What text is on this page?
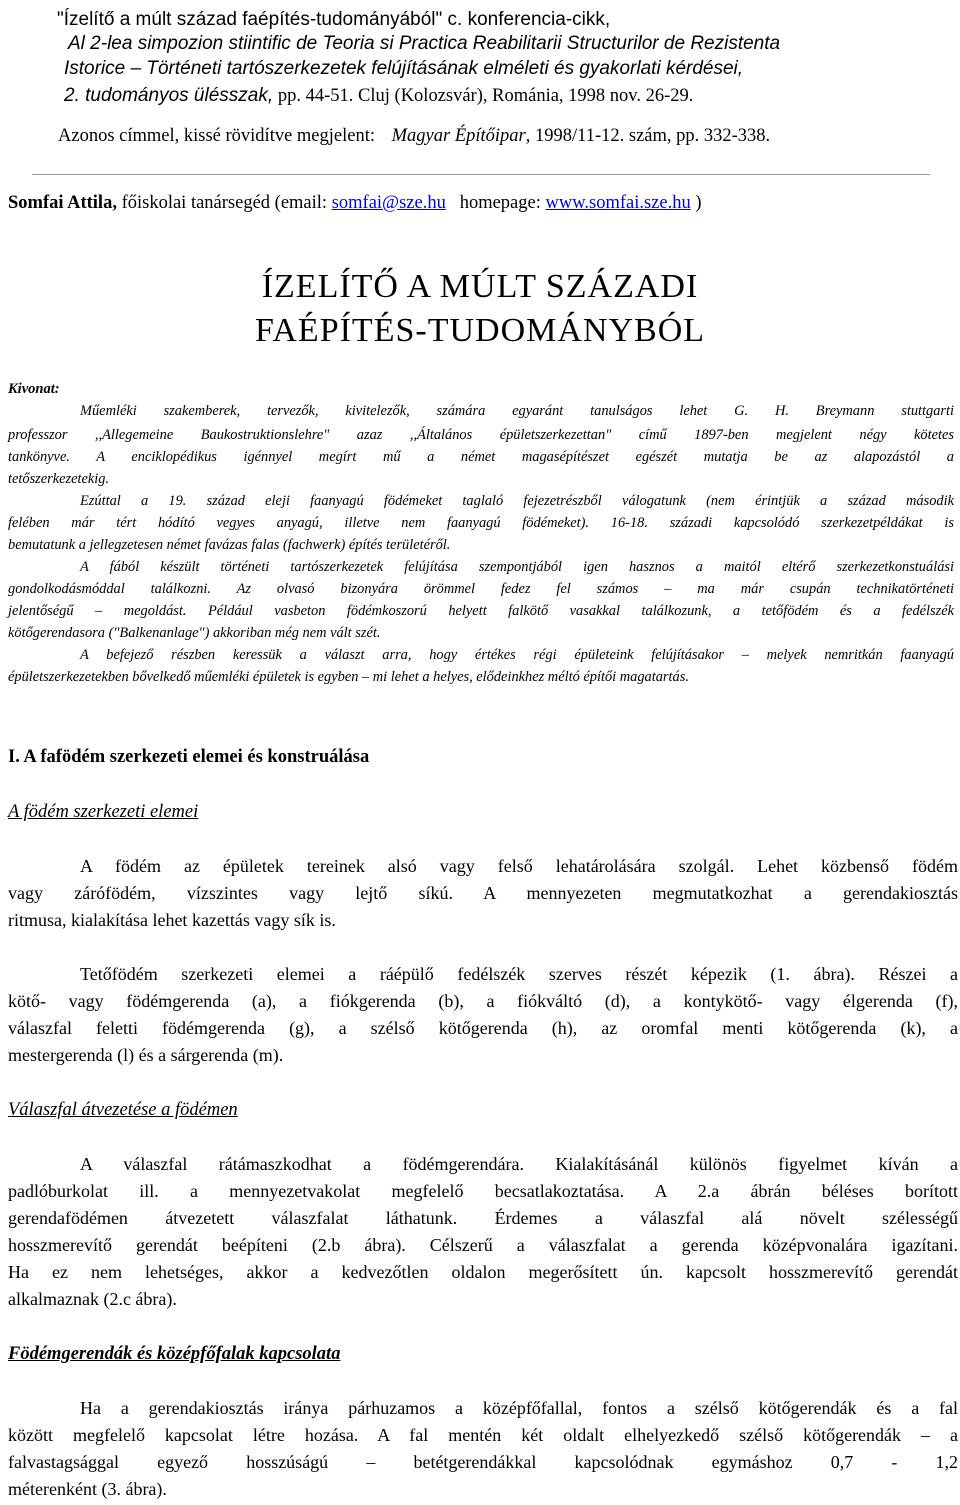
"Ízelítő a múlt század faépítés-tudományából" c. konferencia-cikk,
Al 2-lea simpozion stiintific de Teoria si Practica Reabilitarii Structurilor de Rezistenta
Istorice – Történeti tartószerkezetek felújításának elméleti és gyakorlati kérdései,
2. tudományos ülésszak, pp. 44-51. Cluj (Kolozsvár), Románia, 1998 nov. 26-29.
Azonos címmel, kissé rövidítve megjelent: Magyar Építőipar, 1998/11-12. szám, pp. 332-338.
Somfai Attila, főiskolai tanársegéd (email: somfai@sze.hu   homepage: www.somfai.sze.hu )
ÍZELÍTŐ A MÚLT SZÁZADI
FAÉPÍTÉS-TUDOMÁNYBÓL
Kivonat:
Műemléki szakemberek, tervezők, kivitelezők, számára egyaránt tanulságos lehet G. H. Breymann stuttgarti
professzor ,,Allegemeine Baukostruktionslehre" azaz ,,Általános épületszerkezettan" című 1897-ben megjelent négy kötetes
tankönyve. A enciklopédikus igénnyel megírt mű a német magasépítészet egészét mutatja be az alapozástól a
tetőszerkezetekig.
Ezúttal a 19. század eleji faanyagú födémeket taglaló fejezetrészből válogatunk (nem érintjük a század második
felében már tért hódító vegyes anyagú, illetve nem faanyagú födémeket). 16-18. századi kapcsolódó szerkezetpéldákat is
bemutatunk a jellegzetesen német favázas falas (fachwerk) építés területéről.
A fából készült történeti tartószerkezetek felújítása szempontjából igen hasznos a maitól eltérő szerkezetkonstuálási
gondolkodásmóddal találkozni. Az olvasó bizonyára örömmel fedez fel számos – ma már csupán technikatörténeti
jelentőségű – megoldást. Például vasbeton födémkoszorú helyett falkötő vasakkal találkozunk, a tetőfödém és a fedélszék
kötőgerendasora ("Balkenanlage") akkoriban még nem vált szét.
A befejező részben keressük a választ arra, hogy értékes régi épületeink felújításakor – melyek nemritkán faanyagú
épületszerkezetekben bővelkedő műemléki épületek is egyben – mi lehet a helyes, elődeinkhez méltó építői magatartás.
I. A fafödém szerkezeti elemei és konstruálása
A födém szerkezeti elemei
A födém az épületek tereinek alsó vagy felső lehatárolására szolgál. Lehet közbenső födém
vagy zárófödém, vízszintes vagy lejtő síkú. A mennyezeten megmutatkozhat a gerendakiosztás
ritmusa, kialakítása lehet kazettás vagy sík is.
Tetőfödém szerkezeti elemei a ráépülő fedélszék szerves részét képezik (1. ábra). Részei a
kötő- vagy födémgerenda (a), a fiókgerenda (b), a fiókváltó (d), a kontykötő- vagy élgerenda (f),
válaszfal feletti födémgerenda (g), a szélső kötőgerenda (h), az oromfal menti kötőgerenda (k), a
mestergerenda (l) és a sárgerenda (m).
Válaszfal átvezetése a födémen
A válaszfal rátámaszkodhat a födémgerendára. Kialakításánál különös figyelmet kíván a
padlóburkolat ill. a mennyezetvakolat megfelelő becsatlakoztatása. A 2.a ábrán béléses borított
gerendafödémen átvezetett válaszfalat láthatunk. Érdemes a válaszfal alá növelt szélességű
hosszmerevítő gerendát beépíteni (2.b ábra). Célszerű a válaszfalat a gerenda középvonalára igazítani.
Ha ez nem lehetséges, akkor a kedvezőtlen oldalon megerősített ún. kapcsolt hosszmerevítő gerendát
alkalmaznak (2.c ábra).
Födémgerendák és középfőfalak kapcsolata
Ha a gerendakiosztás iránya párhuzamos a középfőfallal, fontos a szélső kötőgerendák és a fal
között megfelelő kapcsolat létre hozása. A fal mentén két oldalt elhelyezkedő szélső kötőgerendák – a
falvastagsággal egyező hosszúságú – betétgerendákkal kapcsolódnak egymáshoz 0,7 - 1,2
méterenként (3. ábra).
